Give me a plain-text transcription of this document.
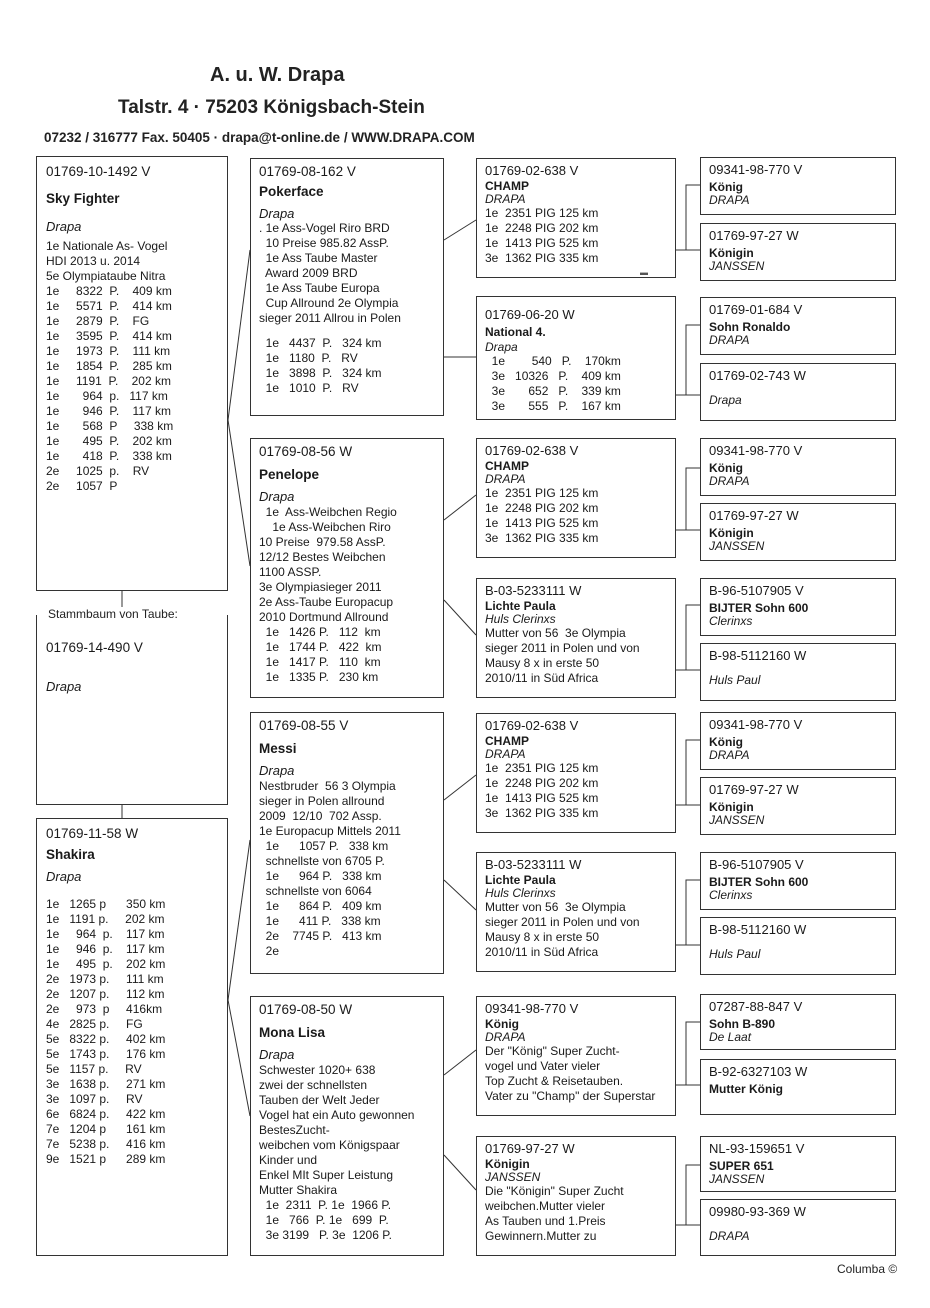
A. u. W. Drapa
Talstr. 4 · 75203 Königsbach-Stein
07232 / 316777 Fax. 50405 · drapa@t-online.de / WWW.DRAPA.COM
01769-10-1492 V
Sky Fighter
Drapa
1e Nationale As- Vogel
HDI 2013 u. 2014
5e Olympiataube Nitra
1e     8322  P.    409 km
1e     5571  P.    414 km
1e     2879  P.    FG
1e     3595  P.    414 km
1e     1973  P.    111 km
1e     1854  P.    285 km
1e     1191  P.    202 km
1e       964  p.   117 km
1e       946  P.    117 km
1e       568  P     338 km
1e       495  P.    202 km
1e       418  P.    338 km
2e     1025  p.    RV
2e     1057  P
01769-14-490 V
Drapa
Stammbaum von Taube:
01769-11-58 W
Shakira
Drapa
1e   1265 p      350 km
1e   1191 p.     202 km
1e     964  p.    117 km
1e     946  p.    117 km
1e     495  p.    202 km
2e   1973 p.     111 km
2e   1207 p.     112 km
2e     973  p     416km
4e   2825 p.     FG
5e   8322 p.     402 km
5e   1743 p.     176 km
5e   1157 p.     RV
3e   1638 p.     271 km
3e   1097 p.     RV
6e   6824 p.     422 km
7e   1204 p      161 km
7e   5238 p.     416 km
9e   1521 p      289 km
01769-08-162 V
Pokerface
Drapa
. 1e Ass-Vogel Riro BRD
10 Preise 985.82 AssP.
1e Ass Taube Master
Award 2009 BRD
1e Ass Taube Europa
Cup Allround 2e Olympia
sieger 2011 Allrou in Polen
1e   4437  P.   324 km
1e   1180  P.   RV
1e   3898  P.   324 km
1e   1010  P.   RV
01769-08-56 W
Penelope
Drapa
1e  Ass-Weibchen Regio
1e Ass-Weibchen Riro
10 Preise  979.58 AssP.
12/12 Bestes Weibchen
1100 ASSP.
3e Olympiasieger 2011
2e Ass-Taube Europacup
2010 Dortmund Allround
1e   1426 P.   112  km
1e   1744 P.   422  km
1e   1417 P.   110  km
1e   1335 P.   230 km
01769-08-55 V
Messi
Drapa
Nestbruder  56 3 Olympia
sieger in Polen allround
2009  12/10  702 Assp.
1e Europacup Mittels 2011
1e      1057 P.   338 km
schnellste von 6705 P.
1e      964 P.   338 km
schnellste von 6064
1e      864 P.   409 km
1e      411 P.   338 km
2e    7745 P.   413 km
2e
01769-08-50 W
Mona Lisa
Drapa
Schwester 1020+ 638
zwei der schnellsten
Tauben der Welt Jeder
Vogel hat ein Auto gewonnen
BestesZucht-
weibchen vom Königspaar
Kinder und
Enkel MIt Super Leistung
Mutter Shakira
1e  2311  P. 1e  1966 P.
1e   766  P. 1e   699  P.
3e 3199   P. 3e  1206 P.
01769-02-638 V
CHAMP
DRAPA
1e  2351 PIG 125 km
1e  2248 PIG 202 km
1e  1413 PIG 525 km
3e  1362 PIG 335 km
▬
01769-06-20 W
National 4.
Drapa
1e        540   P.    170km
3e   10326   P.    409 km
3e       652   P.    339 km
3e       555   P.    167 km
01769-02-638 V
CHAMP
DRAPA
1e  2351 PIG 125 km
1e  2248 PIG 202 km
1e  1413 PIG 525 km
3e  1362 PIG 335 km
B-03-5233111 W
Lichte Paula
Huls Clerinxs
Mutter von 56  3e Olympia
sieger 2011 in Polen und von
Mausy 8 x in erste 50
2010/11 in Süd Africa
01769-02-638 V
CHAMP
DRAPA
1e  2351 PIG 125 km
1e  2248 PIG 202 km
1e  1413 PIG 525 km
3e  1362 PIG 335 km
B-03-5233111 W
Lichte Paula
Huls Clerinxs
Mutter von 56  3e Olympia
sieger 2011 in Polen und von
Mausy 8 x in erste 50
2010/11 in Süd Africa
09341-98-770 V
König
DRAPA
Der "König" Super Zucht-
vogel und Vater vieler
Top Zucht & Reisetauben.
Vater zu "Champ" der Superstar
01769-97-27 W
Königin
JANSSEN
Die "Königin" Super Zucht
weibchen.Mutter vieler
As Tauben und 1.Preis
Gewinnern.Mutter zu
09341-98-770 V
König
DRAPA
01769-97-27 W
Königin
JANSSEN
01769-01-684 V
Sohn Ronaldo
DRAPA
01769-02-743 W
Drapa
09341-98-770 V
König
DRAPA
01769-97-27 W
Königin
JANSSEN
B-96-5107905 V
BIJTER Sohn 600
Clerinxs
B-98-5112160 W
Huls Paul
09341-98-770 V
König
DRAPA
01769-97-27 W
Königin
JANSSEN
B-96-5107905 V
BIJTER Sohn 600
Clerinxs
B-98-5112160 W
Huls Paul
07287-88-847 V
Sohn B-890
De Laat
B-92-6327103 W
Mutter König
NL-93-159651 V
SUPER 651
JANSSEN
09980-93-369 W
DRAPA
Columba ©
